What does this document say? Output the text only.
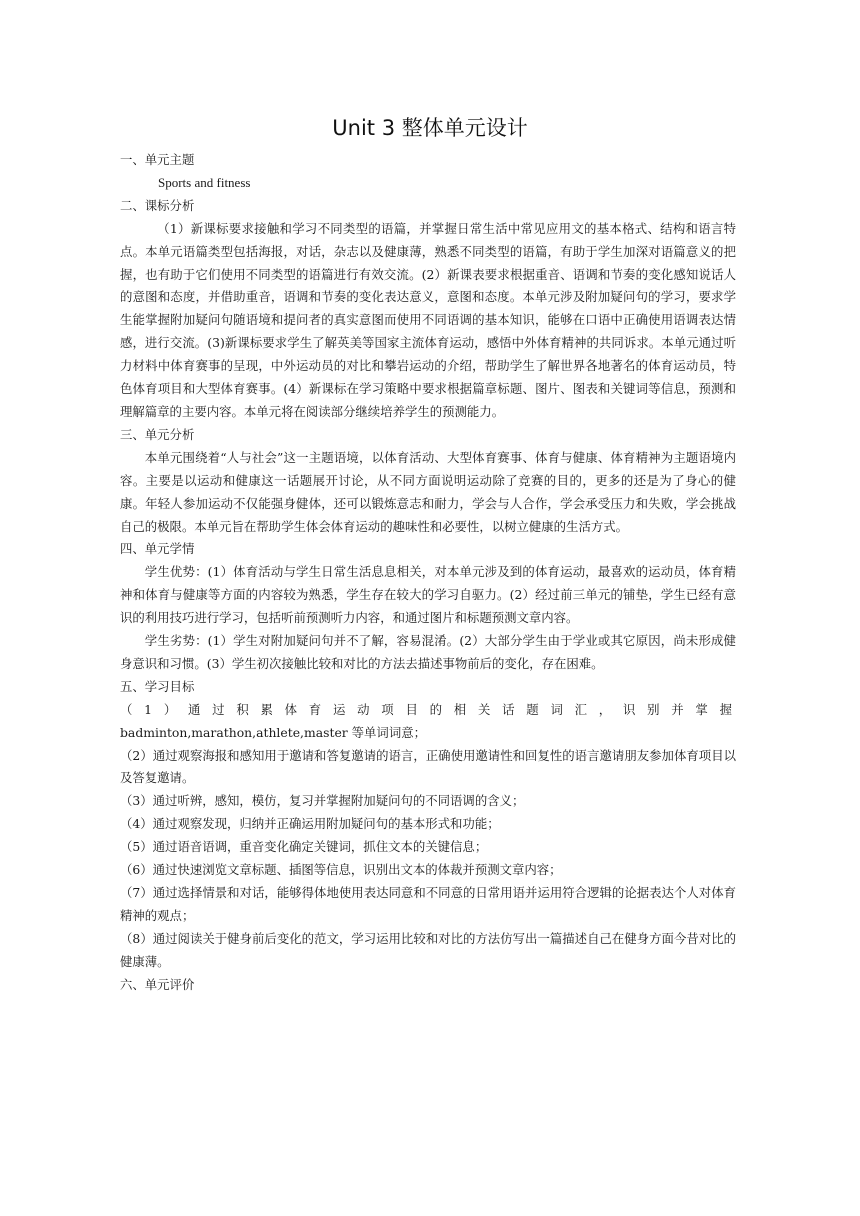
Unit 3 整体单元设计

一、单元主题

Sports and fitness

二、课标分析

（1）新课标要求接触和学习不同类型的语篇，并掌握日常生活中常见应用文的基本格式、结构和语言特点。本单元语篇类型包括海报，对话，杂志以及健康薄，熟悉不同类型的语篇，有助于学生加深对语篇意义的把握，也有助于它们使用不同类型的语篇进行有效交流。(2）新课表要求根据重音、语调和节奏的变化感知说话人的意图和态度，并借助重音，语调和节奏的变化表达意义，意图和态度。本单元涉及附加疑问句的学习，要求学生能掌握附加疑问句随语境和提问者的真实意图而使用不同语调的基本知识，能够在口语中正确使用语调表达情感，进行交流。(3)新课标要求学生了解英美等国家主流体育运动，感悟中外体育精神的共同诉求。本单元通过听力材料中体育赛事的呈现，中外运动员的对比和攀岩运动的介绍，帮助学生了解世界各地著名的体育运动员，特色体育项目和大型体育赛事。(4）新课标在学习策略中要求根据篇章标题、图片、图表和关键词等信息，预测和理解篇章的主要内容。本单元将在阅读部分继续培养学生的预测能力。

三、单元分析

本单元围绕着“人与社会”这一主题语境，以体育活动、大型体育赛事、体育与健康、体育精神为主题语境内容。主要是以运动和健康这一话题展开讨论，从不同方面说明运动除了竞赛的目的，更多的还是为了身心的健康。年轻人参加运动不仅能强身健体，还可以锻炼意志和耐力，学会与人合作，学会承受压力和失败，学会挑战自己的极限。本单元旨在帮助学生体会体育运动的趣味性和必要性，以树立健康的生活方式。

四、单元学情

学生优势：(1）体育活动与学生日常生活息息相关，对本单元涉及到的体育运动，最喜欢的运动员，体育精神和体育与健康等方面的内容较为熟悉，学生存在较大的学习自驱力。(2）经过前三单元的铺垫，学生已经有意识的利用技巧进行学习，包括听前预测听力内容，和通过图片和标题预测文章内容。

学生劣势：(1）学生对附加疑问句并不了解，容易混淆。(2）大部分学生由于学业或其它原因，尚未形成健身意识和习惯。(3）学生初次接触比较和对比的方法去描述事物前后的变化，存在困难。

五、学习目标

（1）通过积累体育运动项目的相关话题词汇，识别并掌握

badminton,marathon,athlete,master 等单词词意；

（2）通过观察海报和感知用于邀请和答复邀请的语言，正确使用邀请性和回复性的语言邀请朋友参加体育项目以及答复邀请。

（3）通过听辨，感知，模仿，复习并掌握附加疑问句的不同语调的含义；

（4）通过观察发现，归纳并正确运用附加疑问句的基本形式和功能；

（5）通过语音语调，重音变化确定关键词，抓住文本的关键信息；

（6）通过快速浏览文章标题、插图等信息，识别出文本的体裁并预测文章内容；

（7）通过选择情景和对话，能够得体地使用表达同意和不同意的日常用语并运用符合逻辑的论据表达个人对体育精神的观点；

（8）通过阅读关于健身前后变化的范文，学习运用比较和对比的方法仿写出一篇描述自己在健身方面今昔对比的健康薄。

六、单元评价
